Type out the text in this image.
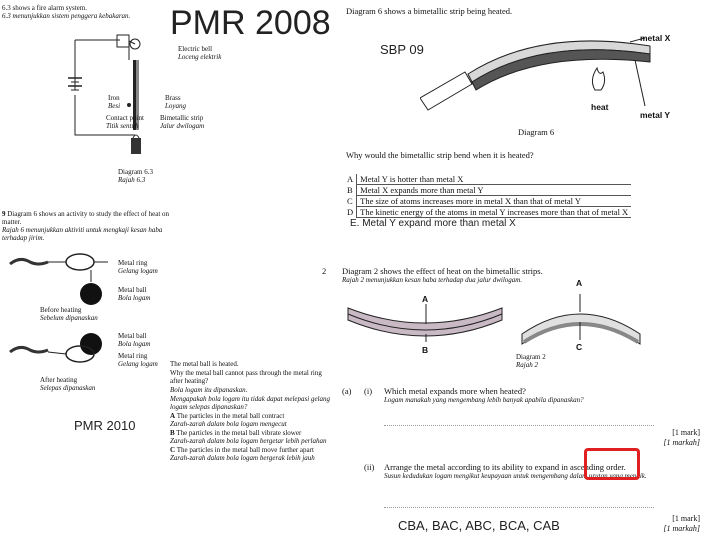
6.3 shows a fire alarm system.
6.3 menunjukkan sistem penggera kebakaran.
Electric bell
Loceng elektrik
Iron
Besi
Brass
Loyang
Contact point
Titik sentuh
Bimetallic strip
Jalur dwilogam
Diagram 6.3
Rajah 6.3
PMR 2008 Diagram 6 shows a bimetallic strip being heated.
SBP 09
metal X
metal Y
heat
Diagram 6
Why would the bimetallic strip bend when it is heated?
A	Metal Y is hotter than metal X
B	Metal X expands more than metal Y
C	The size of atoms increases more in metal X than that of metal Y
D	The kinetic energy of the atoms in metal Y increases more than that of metal X
E. Metal Y expand more than metal X
9 Diagram 6 shows an activity to study the effect of heat on matter.
Rajah 6 menunjukkan aktiviti untuk mengkaji kesan haba terhadap jirim.
Metal ring
Gelang logam
Metal ball
Bola logam
Before heating
Sebelum dipanaskan
Metal ball
Bola logam
Metal ring
Gelang logam
After heating
Selepas dipanaskan
PMR 2010
The metal ball is heated.
Why the metal ball cannot pass through the metal ring after heating?
Bola logam itu dipanaskan.
Mengapakah bola logam itu tidak dapat melepasi gelang logam selepas dipanaskan?
A The particles in the metal ball contract
Zarah-zarah dalam bola logam mengecut
B The particles in the metal ball vibrate slower
Zarah-zarah dalam bola logam bergetar lebih perlahan
C The particles in the metal ball move further apart
Zarah-zarah dalam bola logam bergerak lebih jauh
2 Diagram 2 shows the effect of heat on the bimetallic strips.
Rajah 2 menunjukkan kesan haba terhadap dua jalur dwilogam.
A
B
A
C
Diagram 2
Rajah 2
(a) (i) Which metal expands more when heated?
Logam manakah yang mengembang lebih banyak apabila dipanaskan?
[1 mark]
[1 markah]
(ii) Arrange the metal according to its ability to expand in ascending order.
Susun kedudukan logam mengikut keupayaan untuk mengembang dalam urutan yang menaik.
CBA, BAC, ABC, BCA, CAB	[1 mark]
[1 markah]
